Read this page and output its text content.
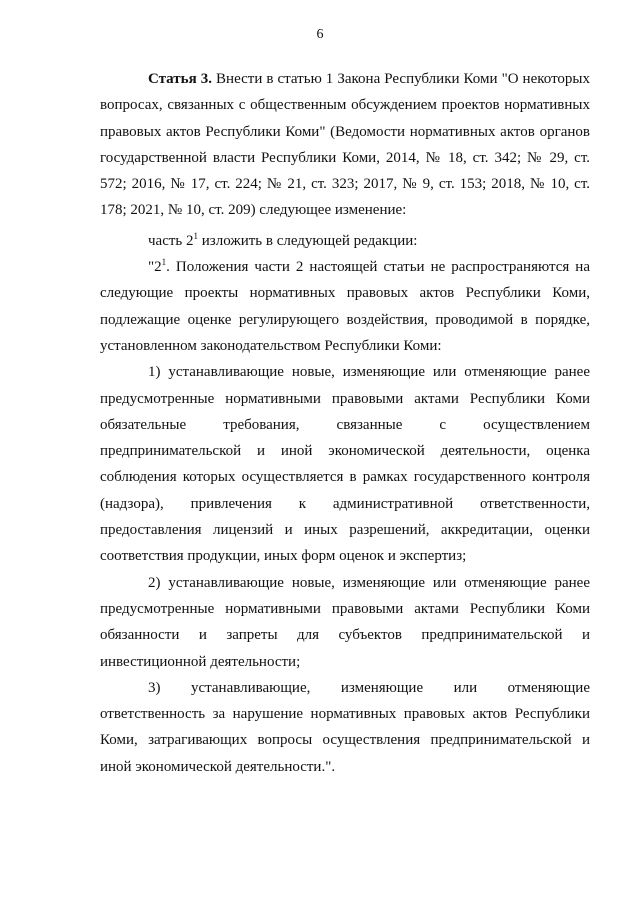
6

Статья 3. Внести в статью 1 Закона Республики Коми "О некоторых вопросах, связанных с общественным обсуждением проектов нормативных правовых актов Республики Коми" (Ведомости нормативных актов органов государственной власти Республики Коми, 2014, № 18, ст. 342; № 29, ст. 572; 2016, № 17, ст. 224; № 21, ст. 323; 2017, № 9, ст. 153; 2018, № 10, ст. 178; 2021, № 10, ст. 209) следующее изменение:

часть $2^1$ изложить в следующей редакции:

"$2^1$. Положения части 2 настоящей статьи не распространяются на следующие проекты нормативных правовых актов Республики Коми, подлежащие оценке регулирующего воздействия, проводимой в порядке, установленном законодательством Республики Коми:

1) устанавливающие новые, изменяющие или отменяющие ранее предусмотренные нормативными правовыми актами Республики Коми обязательные требования, связанные с осуществлением предпринимательской и иной экономической деятельности, оценка соблюдения которых осуществляется в рамках государственного контроля (надзора), привлечения к административной ответственности, предоставления лицензий и иных разрешений, аккредитации, оценки соответствия продукции, иных форм оценок и экспертиз;

2) устанавливающие новые, изменяющие или отменяющие ранее предусмотренные нормативными правовыми актами Республики Коми обязанности и запреты для субъектов предпринимательской и инвестиционной деятельности;

3) устанавливающие, изменяющие или отменяющие ответственность за нарушение нормативных правовых актов Республики Коми, затрагивающих вопросы осуществления предпринимательской и иной экономической деятельности.".
